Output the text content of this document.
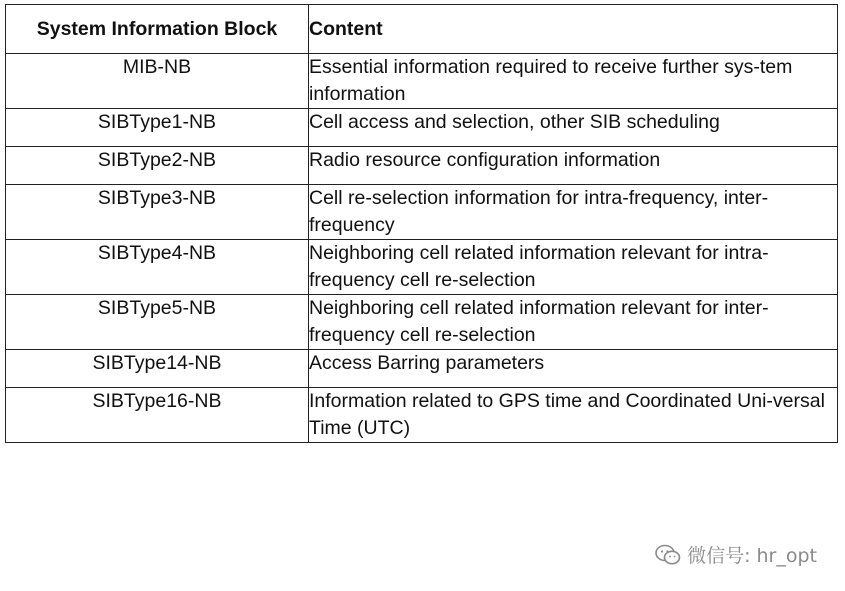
System Information Block	Content
MIB-NB	Essential information required to receive further sys-tem information
SIBType1-NB	Cell access and selection, other SIB scheduling
SIBType2-NB	Radio resource configuration information
SIBType3-NB	Cell re-selection information for intra-frequency, inter-frequency
SIBType4-NB	Neighboring cell related information relevant for intra-frequency cell re-selection
SIBType5-NB	Neighboring cell related information relevant for inter-frequency cell re-selection
SIBType14-NB	Access Barring parameters
SIBType16-NB	Information related to GPS time and Coordinated Uni-versal Time (UTC)
微信号: hr_opt
